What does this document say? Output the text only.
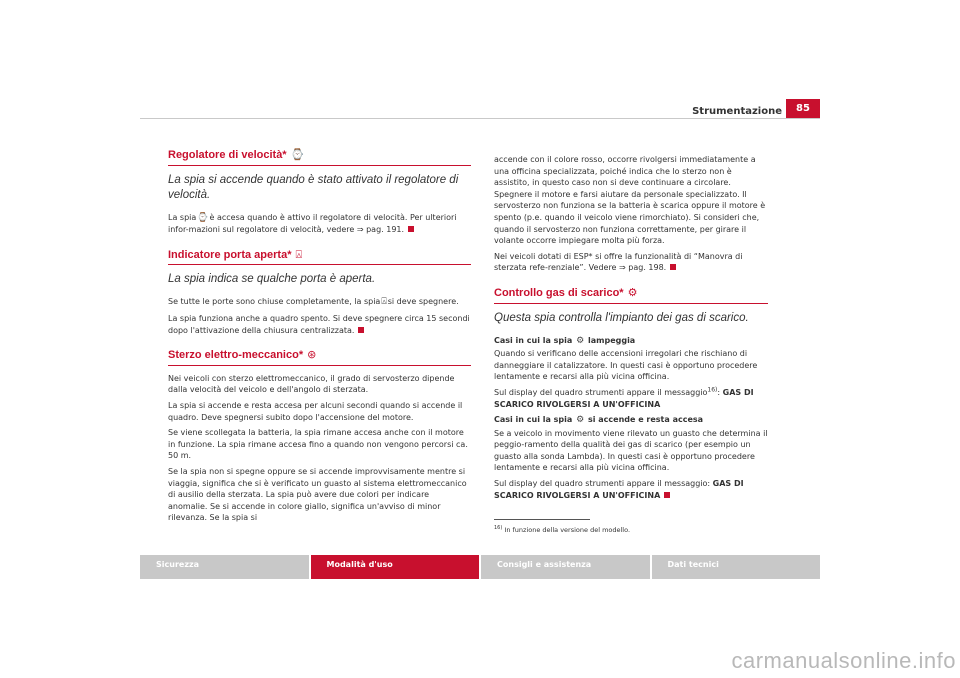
Strumentazione	85
Regolatore di velocità* ⌚
La spia si accende quando è stato attivato il regolatore di velocità.

La spia⌚è accesa quando è attivo il regolatore di velocità. Per ulteriori infor-mazioni sul regolatore di velocità, vedere ⇒ pag. 191.

Indicatore porta aperta* ⍓
La spia indica se qualche porta è aperta.

Se tutte le porte sono chiuse completamente, la spia⍓si deve spegnere.

La spia funziona anche a quadro spento. Si deve spegnere circa 15 secondi dopo l'attivazione della chiusura centralizzata.

Sterzo elettro-meccanico* ⊛

Nei veicoli con sterzo elettromeccanico, il grado di servosterzo dipende dalla velocità del veicolo e dell'angolo di sterzata.

La spia si accende e resta accesa per alcuni secondi quando si accende il quadro. Deve spegnersi subito dopo l'accensione del motore.

Se viene scollegata la batteria, la spia rimane accesa anche con il motore in funzione. La spia rimane accesa fino a quando non vengono percorsi ca. 50 m.

Se la spia non si spegne oppure se si accende improvvisamente mentre si viaggia, significa che si è verificato un guasto al sistema elettromeccanico di ausilio della sterzata. La spia può avere due colori per indicare anomalie. Se si accende in colore giallo, significa un'avviso di minor rilevanza. Se la spia si

accende con il colore rosso, occorre rivolgersi immediatamente a una officina specializzata, poiché indica che lo sterzo non è assistito, in questo caso non si deve continuare a circolare. Spegnere il motore e farsi aiutare da personale specializzato. Il servosterzo non funziona se la batteria è scarica oppure il motore è spento (p.e. quando il veicolo viene rimorchiato). Si consideri che, quando il servosterzo non funziona correttamente, per girare il volante occorre impiegare molta più forza.

Nei veicoli dotati di ESP* si offre la funzionalità di “Manovra di sterzata refe-renziale”. Vedere ⇒ pag. 198.

Controllo gas di scarico* ⚙
Questa spia controlla l'impianto dei gas di scarico.

Casi in cui la spia ⚙ lampeggia

Quando si verificano delle accensioni irregolari che rischiano di danneggiare il catalizzatore. In questi casi è opportuno procedere lentamente e recarsi alla più vicina officina.

Sul display del quadro strumenti appare il messaggio$^{16)}$: GAS DI SCARICO RIVOLGERSI A UN'OFFICINA

Casi in cui la spia ⚙ si accende e resta accesa

Se a veicolo in movimento viene rilevato un guasto che determina il peggio-ramento della qualità dei gas di scarico (per esempio un guasto alla sonda Lambda). In questi casi è opportuno procedere lentamente e recarsi alla più vicina officina.

Sul display del quadro strumenti appare il messaggio: GAS DI SCARICO RIVOLGERSI A UN'OFFICINA

$^{16)}$ In funzione della versione del modello.
Sicurezza	Modalità d'uso	Consigli e assistenza	Dati tecnici
carmanualsonline.info
